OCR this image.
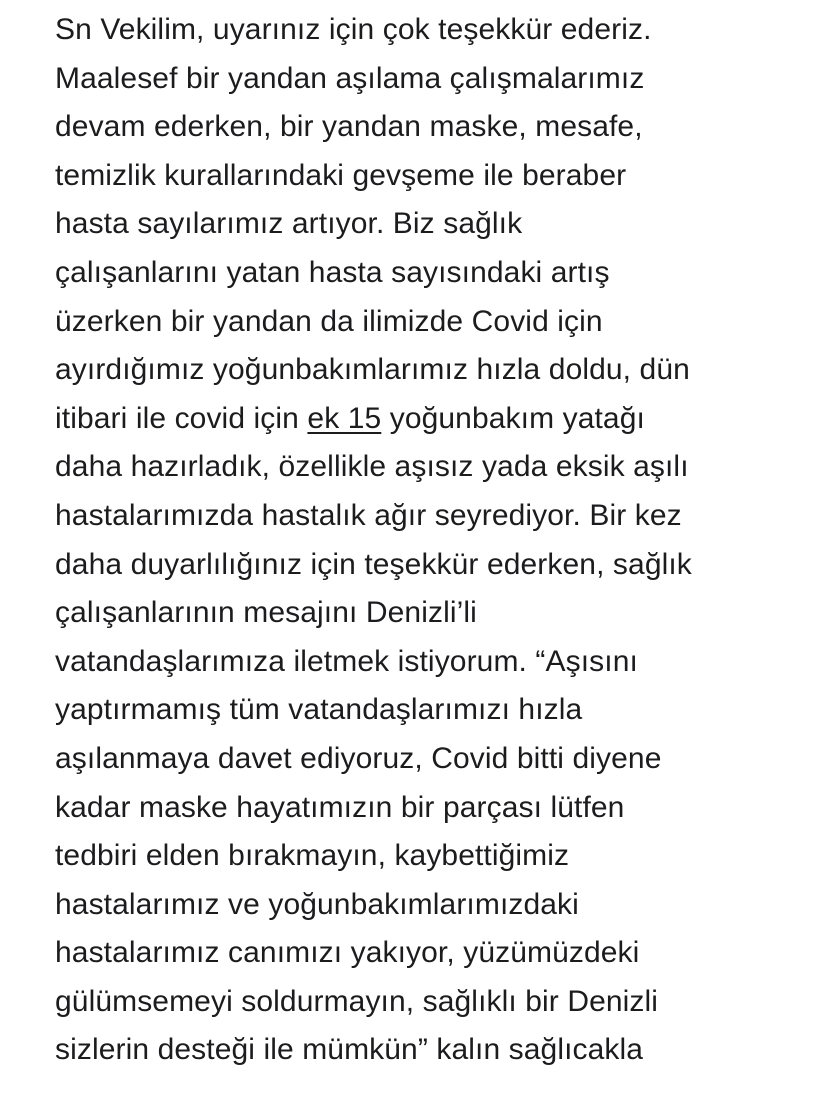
Sn Vekilim, uyarınız için çok teşekkür ederiz.
Maalesef bir yandan aşılama çalışmalarımız
devam ederken, bir yandan maske, mesafe,
temizlik kurallarındaki gevşeme ile beraber
hasta sayılarımız artıyor. Biz sağlık
çalışanlarını yatan hasta sayısındaki artış
üzerken bir yandan da ilimizde Covid için
ayırdığımız yoğunbakımlarımız hızla doldu, dün
itibari ile covid için ek 15 yoğunbakım yatağı
daha hazırladık, özellikle aşısız yada eksik aşılı
hastalarımızda hastalık ağır seyrediyor. Bir kez
daha duyarlılığınız için teşekkür ederken, sağlık
çalışanlarının mesajını Denizli’li
vatandaşlarımıza iletmek istiyorum. “Aşısını
yaptırmamış tüm vatandaşlarımızı hızla
aşılanmaya davet ediyoruz, Covid bitti diyene
kadar maske hayatımızın bir parçası lütfen
tedbiri elden bırakmayın, kaybettiğimiz
hastalarımız ve yoğunbakımlarımızdaki
hastalarımız canımızı yakıyor, yüzümüzdeki
gülümsemeyi soldurmayın, sağlıklı bir Denizli
sizlerin desteği ile mümkün” kalın sağlıcakla
